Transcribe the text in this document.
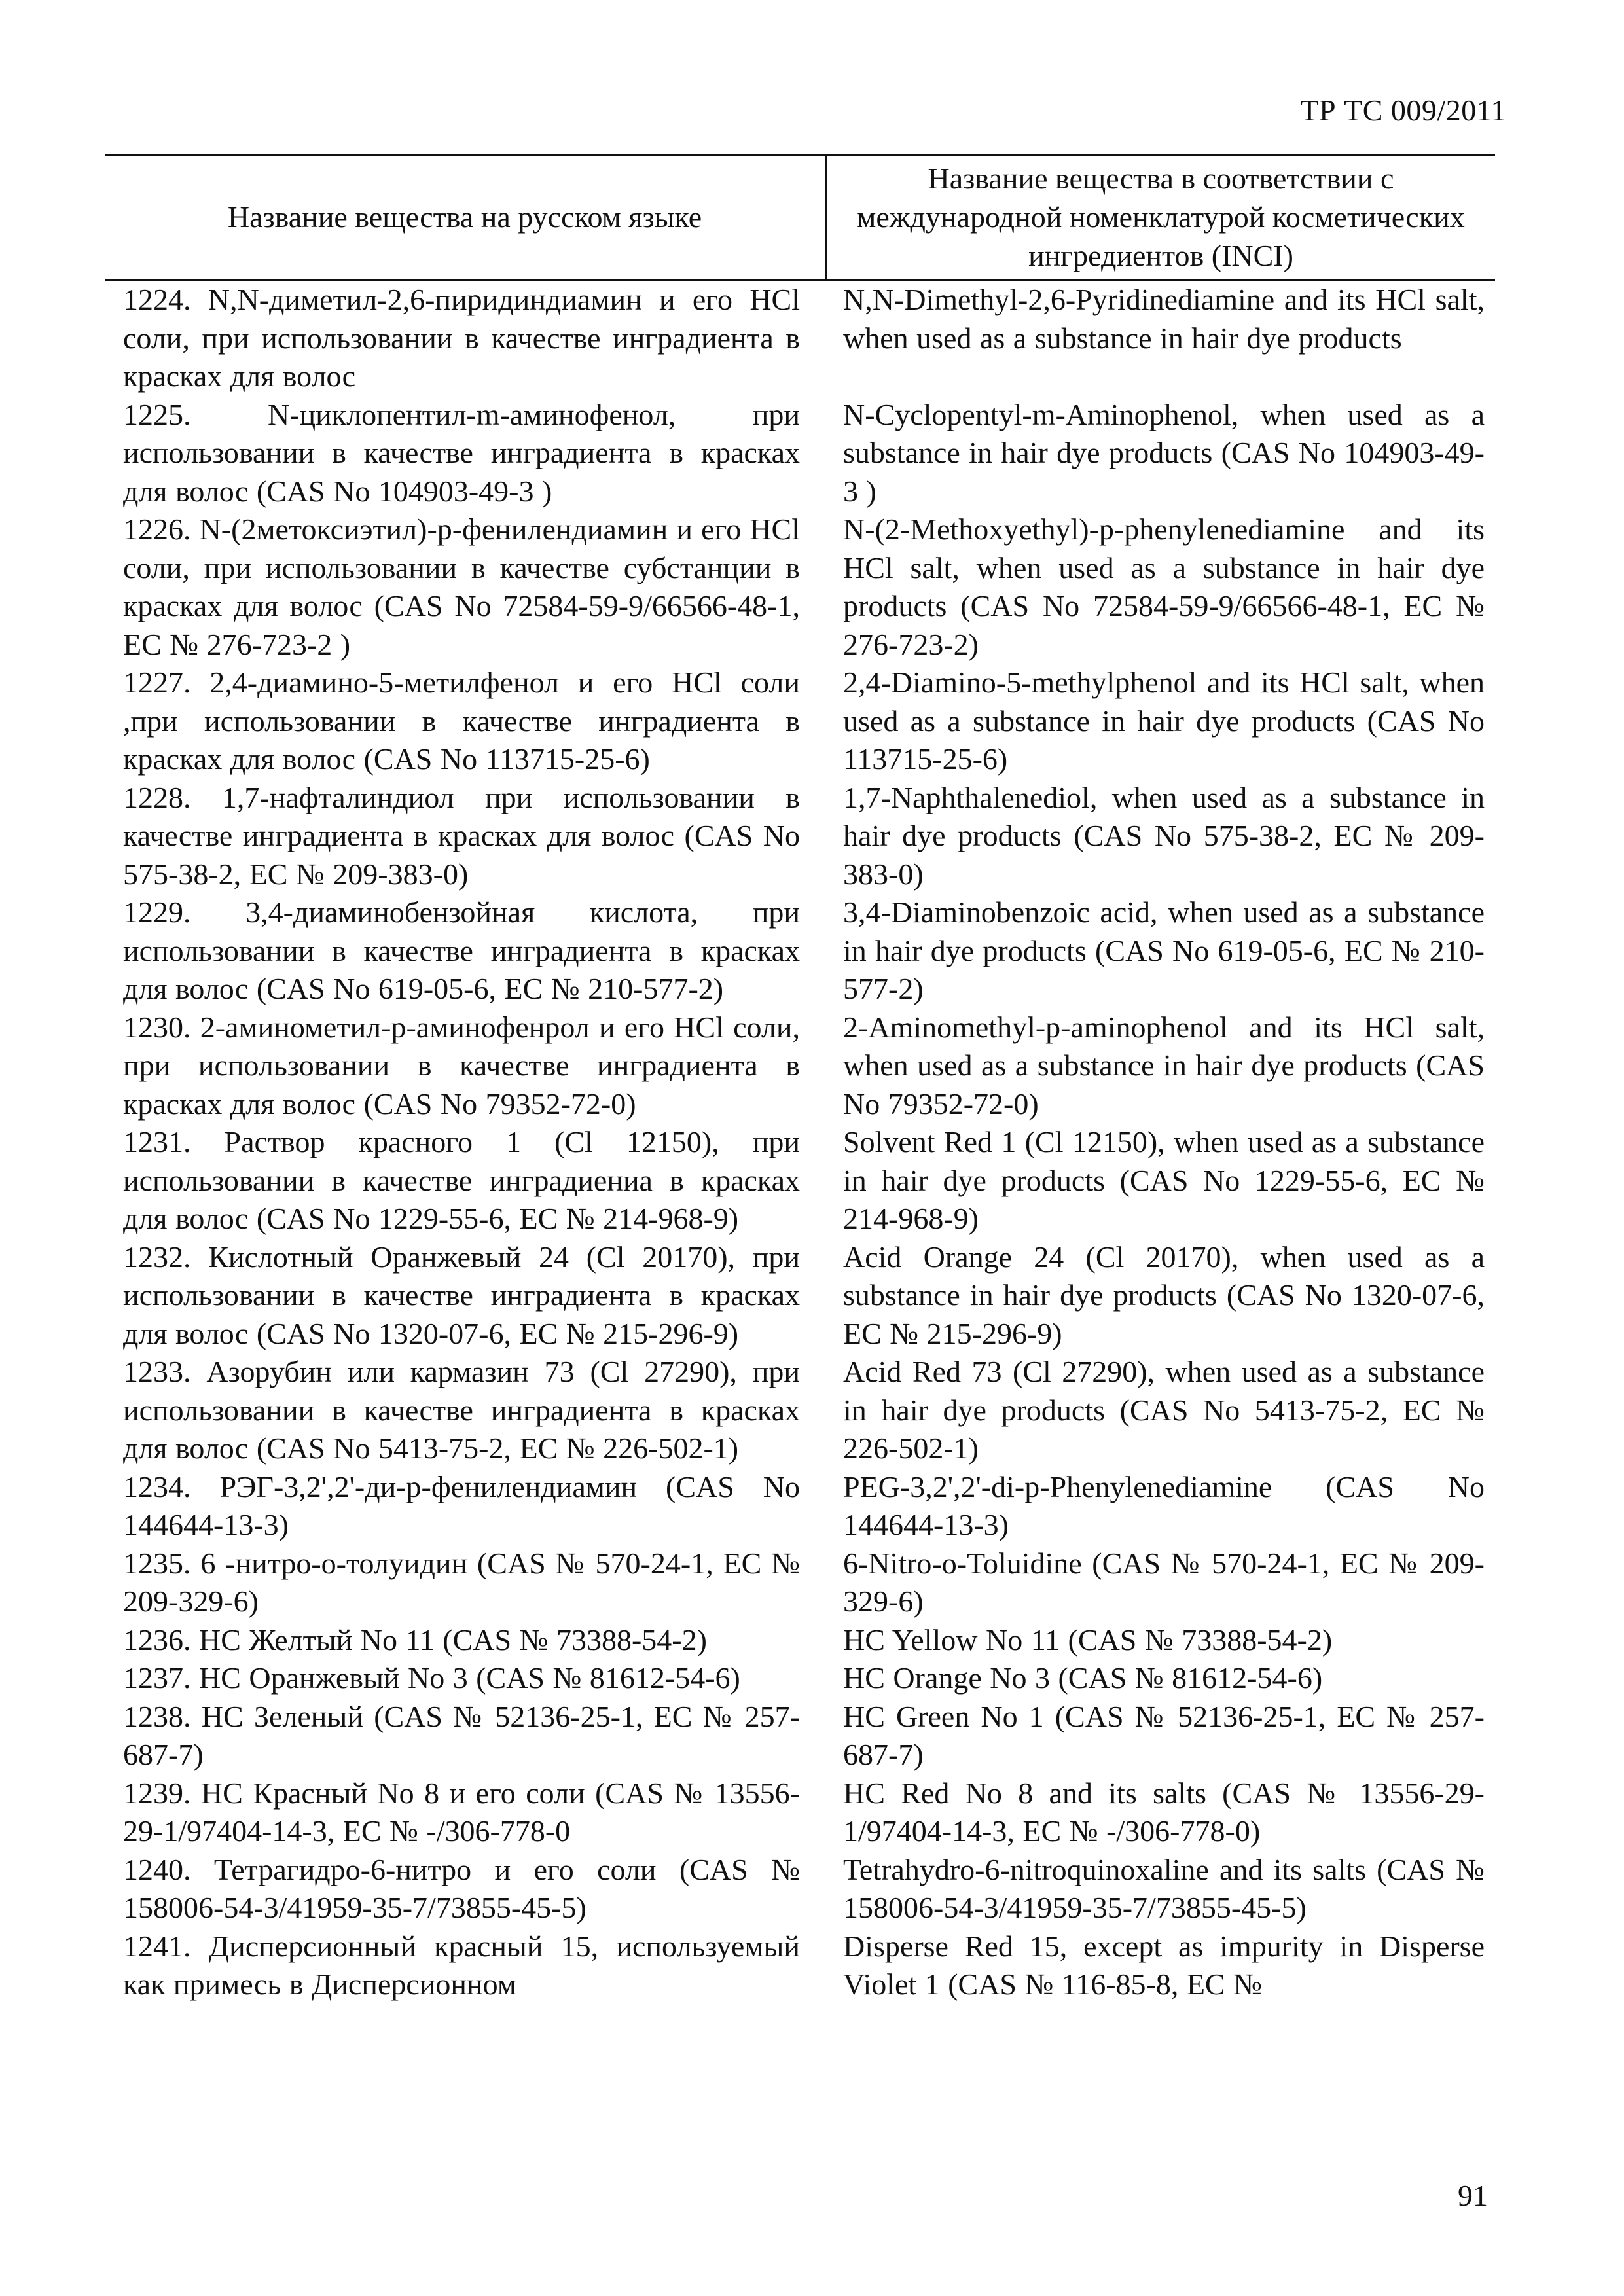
ТР ТС 009/2011
Название вещества на русском языке
Название вещества в соответствии с международной номенклатурой косметических ингредиентов (INCI)
1224. N,N-диметил-2,6-пиридиндиамин и его HCl соли, при использовании в качестве ингрaдиента в красках для волос
N,N-Dimethyl-2,6-Pyridinediamine and its HCl salt, when used as a substance in hair dye products
1225. N-циклопентил-m-аминофенол, при использовании в качестве ингрaдиента в красках для волос (CAS No 104903-49-3 )
N-Cyclopentyl-m-Aminophenol, when used as a substance in hair dye products (CAS No 104903-49-3 )
1226. N-(2метоксиэтил)-р-фенилендиамин и его HCl соли, при использовании в качестве субстанции в красках для волос (CAS No 72584-59-9/66566-48-1, ЕС № 276-723-2 )
N-(2-Methoxyethyl)-p-phenylenediamine and its HCl salt, when used as a substance in hair dye products (CAS No 72584-59-9/66566-48-1, EC № 276-723-2)
1227. 2,4-диамино-5-метилфенол и его HCl соли ,при использовании в качестве ингрaдиента в красках для волос (CAS No 113715-25-6)
2,4-Diamino-5-methylphenol and its HCl salt, when used as a substance in hair dye products (CAS No 113715-25-6)
1228. 1,7-нафталиндиол при использовании в качестве ингрaдиента в красках для волос (CAS No 575-38-2, ЕС № 209-383-0)
1,7-Naphthalenediol, when used as a substance in hair dye products (CAS No 575-38-2, EC № 209-383-0)
1229. 3,4-диаминобензойная кислота, при использовании в качестве ингрaдиента в красках для волос (CAS No 619-05-6, ЕС № 210-577-2)
3,4-Diaminobenzoic acid, when used as a substance in hair dye products (CAS No 619-05-6, EC № 210-577-2)
1230. 2-аминометил-р-аминофенрол и его HCl соли, при использовании в качестве ингрaдиента в красках для волос (CAS No 79352-72-0)
2-Aminomethyl-p-aminophenol and its HCl salt, when used as a substance in hair dye products (CAS No 79352-72-0)
1231. Раствор красного 1 (Cl 12150), при использовании в качестве ингрaдиениа в красках для волос (CAS No 1229-55-6, ЕС № 214-968-9)
Solvent Red 1 (Cl 12150), when used as a substance in hair dye products (CAS No 1229-55-6, EC № 214-968-9)
1232. Кислотный Оранжевый 24 (Cl 20170), при использовании в качестве ингрaдиента в красках для волос (CAS No 1320-07-6, ЕС № 215-296-9)
Acid Orange 24 (Cl 20170), when used as a substance in hair dye products (CAS No 1320-07-6, EC № 215-296-9)
1233. Азорубин или кармазин 73 (Cl 27290), при использовании в качестве ингрaдиента в красках для волос (CAS No 5413-75-2, ЕС № 226-502-1)
Acid Red 73 (Cl 27290), when used as a substance in hair dye products (CAS No 5413-75-2, EC № 226-502-1)
1234. РЭГ-3,2',2'-ди-р-фенилендиамин (CAS No 144644-13-3)
PEG-3,2',2'-di-p-Phenylenediamine (CAS No 144644-13-3)
1235. 6 -нитро-о-толуидин (CAS № 570-24-1, ЕС № 209-329-6)
6-Nitro-o-Toluidine (CAS № 570-24-1, EC № 209-329-6)
1236. НС Желтый No 11 (CAS № 73388-54-2)	HC Yellow No 11 (CAS № 73388-54-2)
1237. НС Оранжевый No 3 (CAS № 81612-54-6)	HC Orange No 3 (CAS № 81612-54-6)
1238. НС Зеленый (CAS № 52136-25-1, ЕС № 257-687-7)
HC Green No 1 (CAS № 52136-25-1, EC № 257-687-7)
1239. НС Красный No 8 и его соли (CAS № 13556-29-1/97404-14-3, ЕС № -/306-778-0
HC Red No 8 and its salts (CAS № 13556-29-1/97404-14-3, EC № -/306-778-0)
1240. Тетрагидро-6-нитро и его соли (CAS № 158006-54-3/41959-35-7/73855-45-5)
Tetrahydro-6-nitroquinoxaline and its salts (CAS № 158006-54-3/41959-35-7/73855-45-5)
1241. Дисперсионный красный 15, используемый как примесь в Дисперсионном
Disperse Red 15, except as impurity in Disperse Violet 1 (CAS № 116-85-8, EC №
91
